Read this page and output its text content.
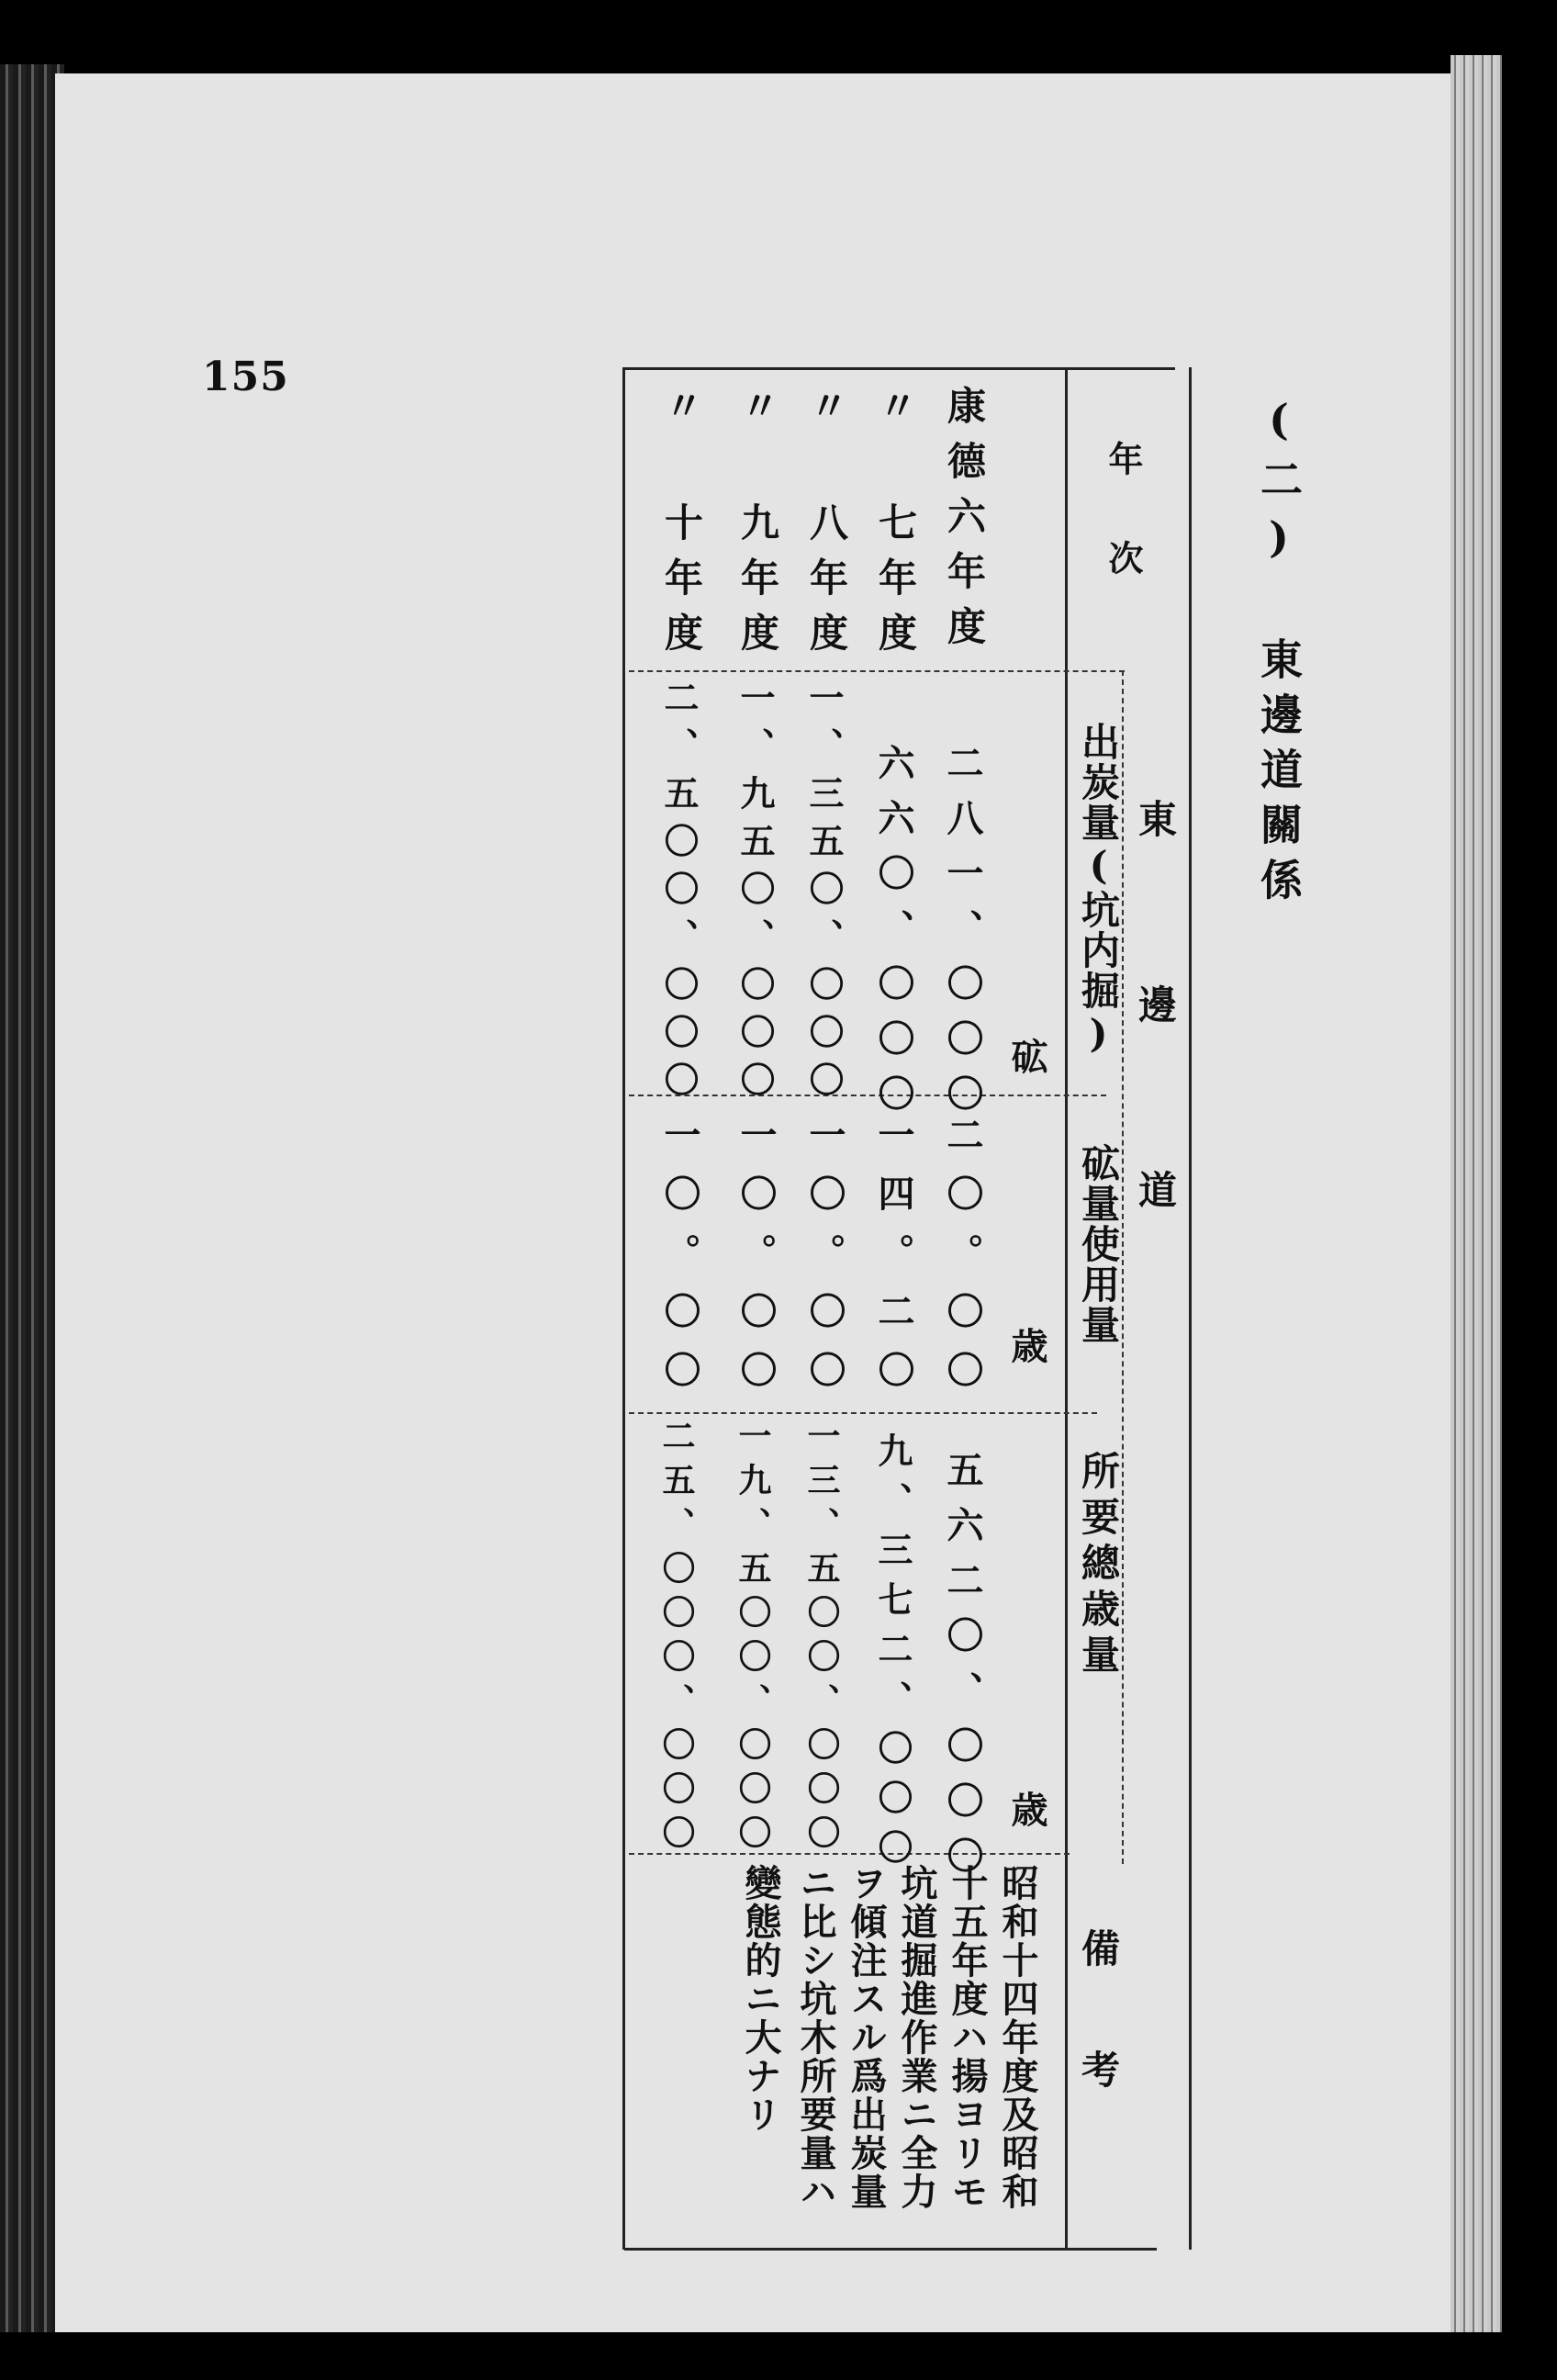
155
(二) 東邊道關係
東邊道
年次
出炭量(坑内掘)
砿量使用量
所要總歳量
備考
砿
歳
歳
康德六年度
〃 七年度
〃 八年度
〃 九年度
〃 十年度
二八一、〇〇〇
六六〇、〇〇〇
一、三五〇、〇〇〇
一、九五〇、〇〇〇
二、五〇〇、〇〇〇
二〇。〇〇
一四。二〇
一〇。〇〇
一〇。〇〇
一〇。〇〇
五六二〇、〇〇〇
九、三七二、〇〇〇
一三、五〇〇、〇〇〇
一九、五〇〇、〇〇〇
二五、〇〇〇、〇〇〇
昭和十四年度及昭和
十五年度ハ揚ヨリモ
坑道掘進作業ニ全力
ヲ傾注スル爲出炭量
ニ比シ坑木所要量ハ
變態的ニ大ナリ
